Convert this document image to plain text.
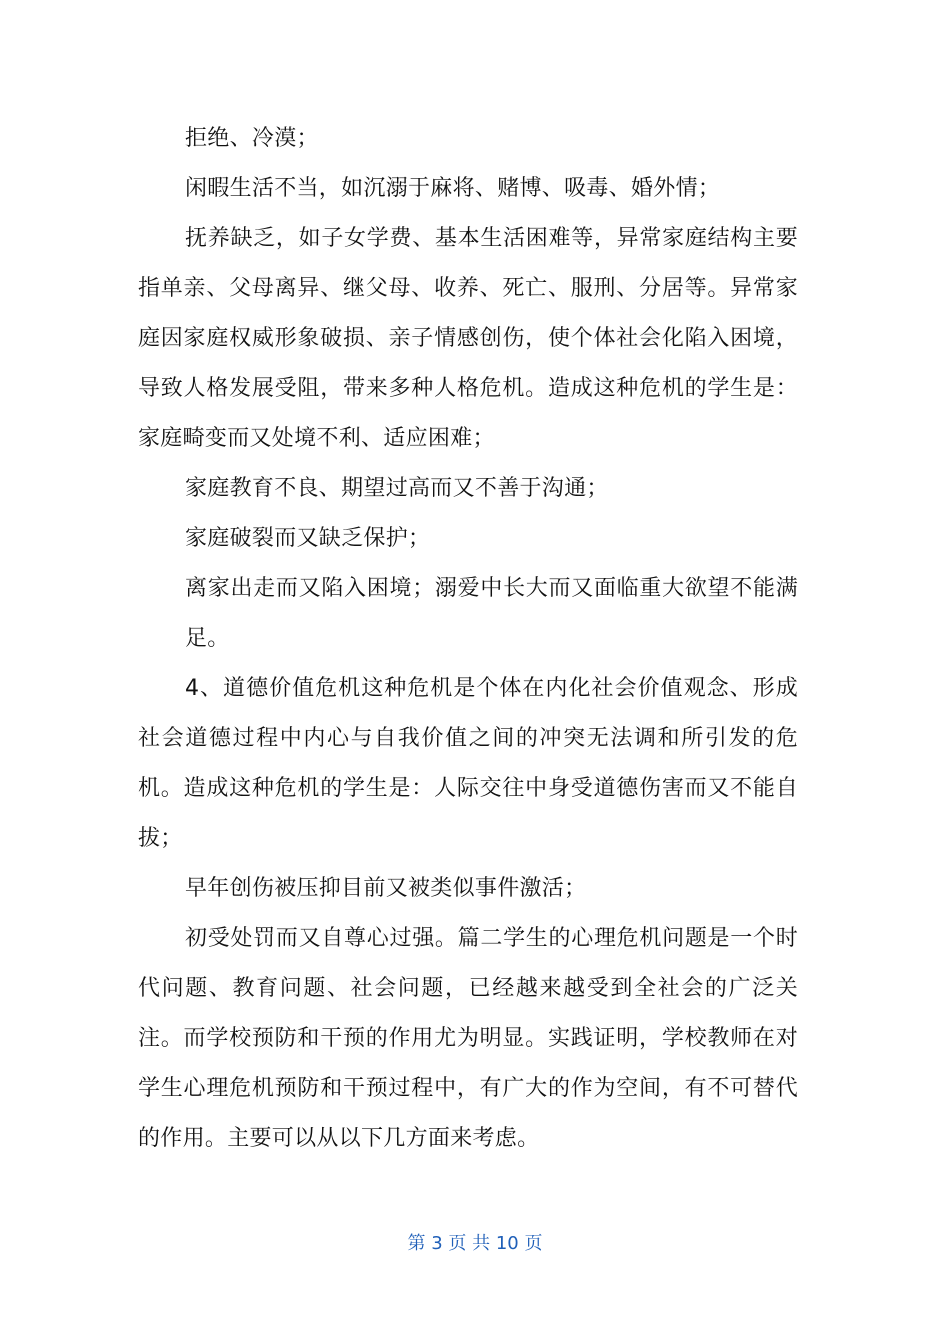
拒绝、冷漠；

闲暇生活不当，如沉溺于麻将、赌博、吸毒、婚外情；

抚养缺乏，如子女学费、基本生活困难等，异常家庭结构主要指单亲、父母离异、继父母、收养、死亡、服刑、分居等。异常家庭因家庭权威形象破损、亲子情感创伤，使个体社会化陷入困境，导致人格发展受阻，带来多种人格危机。造成这种危机的学生是：家庭畸变而又处境不利、适应困难；

家庭教育不良、期望过高而又不善于沟通；

家庭破裂而又缺乏保护；

离家出走而又陷入困境；溺爱中长大而又面临重大欲望不能满足。

4、道德价值危机这种危机是个体在内化社会价值观念、形成社会道德过程中内心与自我价值之间的冲突无法调和所引发的危机。造成这种危机的学生是：人际交往中身受道德伤害而又不能自拔；

早年创伤被压抑目前又被类似事件激活；

初受处罚而又自尊心过强。篇二学生的心理危机问题是一个时代问题、教育问题、社会问题，已经越来越受到全社会的广泛关注。而学校预防和干预的作用尤为明显。实践证明，学校教师在对学生心理危机预防和干预过程中，有广大的作为空间，有不可替代的作用。主要可以从以下几方面来考虑。

第 3 页 共 10 页
